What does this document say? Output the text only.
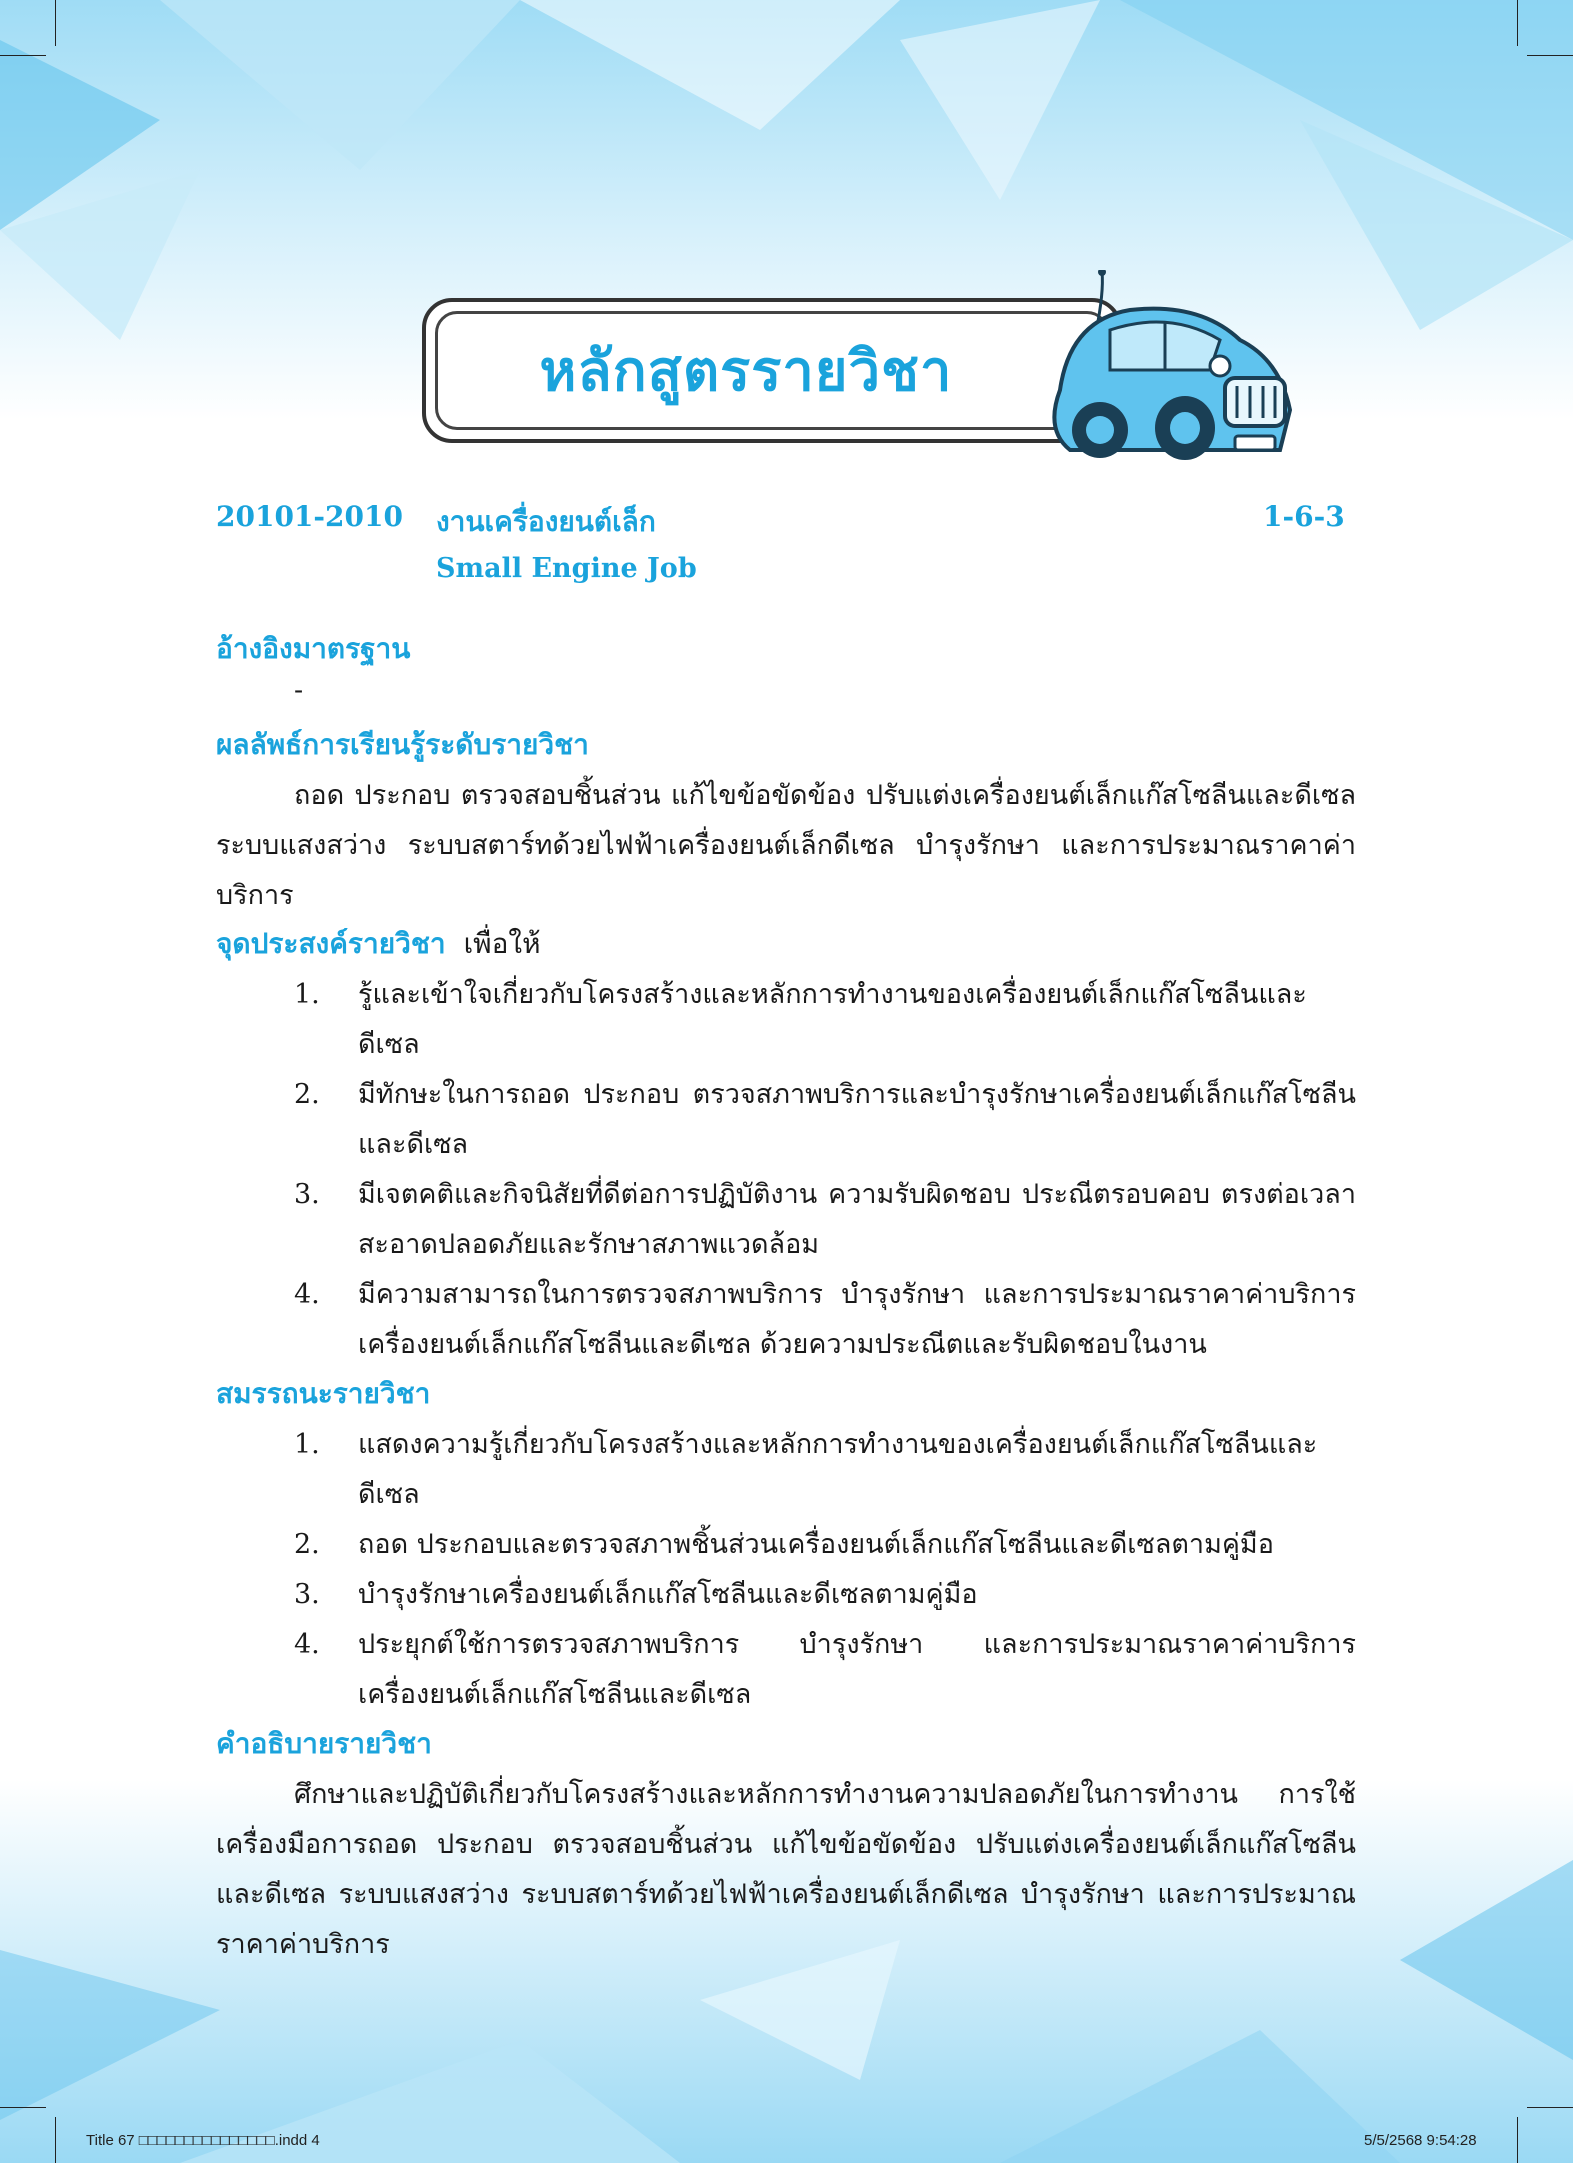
หลักสูตรรายวิชา
20101-2010 งานเครื่องยนต์เล็ก	1-6-3
Small Engine Job
อ้างอิงมาตรฐาน
-
ผลลัพธ์การเรียนรู้ระดับรายวิชา

ถอด ประกอบ ตรวจสอบชิ้นส่วน แก้ไขข้อขัดข้อง ปรับแต่งเครื่องยนต์เล็กแก๊สโซลีนและดีเซล ระบบแสงสว่าง ระบบสตาร์ทด้วยไฟฟ้าเครื่องยนต์เล็กดีเซล บำรุงรักษา และการประมาณราคาค่าบริการ

จุดประสงค์รายวิชา เพื่อให้
1.	รู้และเข้าใจเกี่ยวกับโครงสร้างและหลักการทำงานของเครื่องยนต์เล็กแก๊สโซลีนและดีเซล
2.	มีทักษะในการถอด ประกอบ ตรวจสภาพบริการและบำรุงรักษาเครื่องยนต์เล็กแก๊สโซลีนและดีเซล
3.	มีเจตคติและกิจนิสัยที่ดีต่อการปฏิบัติงาน ความรับผิดชอบ ประณีตรอบคอบ ตรงต่อเวลา สะอาดปลอดภัยและรักษาสภาพแวดล้อม
4.	มีความสามารถในการตรวจสภาพบริการ บำรุงรักษา และการประมาณราคาค่าบริการเครื่องยนต์เล็กแก๊สโซลีนและดีเซล ด้วยความประณีตและรับผิดชอบในงาน
สมรรถนะรายวิชา
1.	แสดงความรู้เกี่ยวกับโครงสร้างและหลักการทำงานของเครื่องยนต์เล็กแก๊สโซลีนและดีเซล
2.	ถอด ประกอบและตรวจสภาพชิ้นส่วนเครื่องยนต์เล็กแก๊สโซลีนและดีเซลตามคู่มือ
3.	บำรุงรักษาเครื่องยนต์เล็กแก๊สโซลีนและดีเซลตามคู่มือ
4.	ประยุกต์ใช้การตรวจสภาพบริการ บำรุงรักษา และการประมาณราคาค่าบริการเครื่องยนต์เล็กแก๊สโซลีนและดีเซล
คำอธิบายรายวิชา

ศึกษาและปฏิบัติเกี่ยวกับโครงสร้างและหลักการทำงานความปลอดภัยในการทำงาน การใช้เครื่องมือการถอด ประกอบ ตรวจสอบชิ้นส่วน แก้ไขข้อขัดข้อง ปรับแต่งเครื่องยนต์เล็กแก๊สโซลีนและดีเซล ระบบแสงสว่าง ระบบสตาร์ทด้วยไฟฟ้าเครื่องยนต์เล็กดีเซล บำรุงรักษา และการประมาณราคาค่าบริการ

Title 67 □□□□□□□□□□□□□□□.indd 4	5/5/2568 9:54:28
